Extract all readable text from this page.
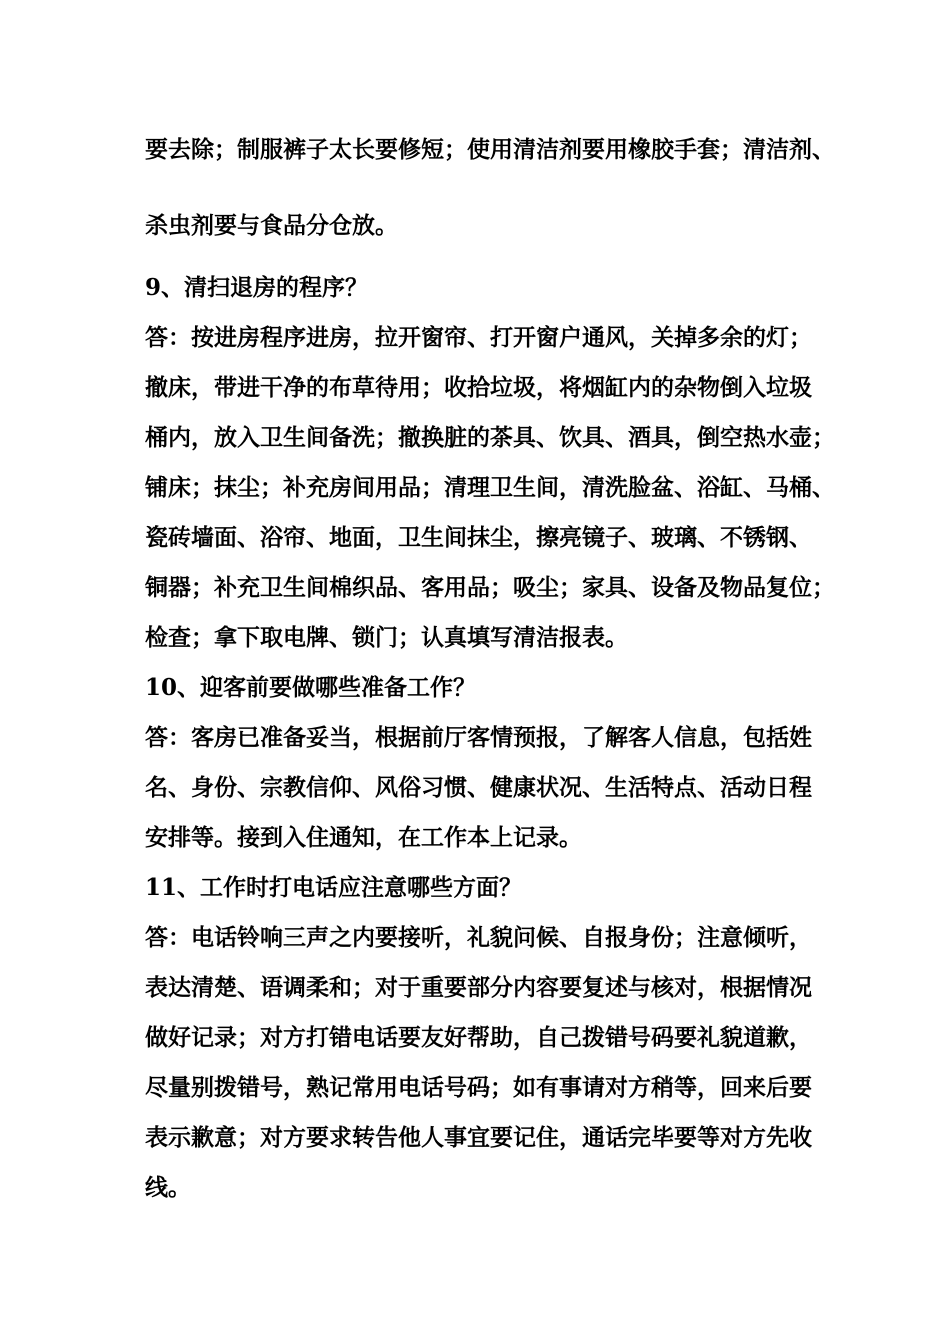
要去除；制服裤子太长要修短；使用清洁剂要用橡胶手套；清洁剂、
杀虫剂要与食品分仓放。
9、清扫退房的程序？
答：按进房程序进房，拉开窗帘、打开窗户通风，关掉多余的灯；
撤床，带进干净的布草待用；收拾垃圾，将烟缸内的杂物倒入垃圾
桶内，放入卫生间备洗；撤换脏的茶具、饮具、酒具，倒空热水壶；
铺床；抹尘；补充房间用品；清理卫生间，清洗脸盆、浴缸、马桶、
瓷砖墙面、浴帘、地面，卫生间抹尘，擦亮镜子、玻璃、不锈钢、
铜器；补充卫生间棉织品、客用品；吸尘；家具、设备及物品复位；
检查；拿下取电牌、锁门；认真填写清洁报表。
10、迎客前要做哪些准备工作？
答：客房已准备妥当，根据前厅客情预报，了解客人信息，包括姓
名、身份、宗教信仰、风俗习惯、健康状况、生活特点、活动日程
安排等。接到入住通知，在工作本上记录。
11、工作时打电话应注意哪些方面？
答：电话铃响三声之内要接听，礼貌问候、自报身份；注意倾听，
表达清楚、语调柔和；对于重要部分内容要复述与核对，根据情况
做好记录；对方打错电话要友好帮助，自己拨错号码要礼貌道歉，
尽量别拨错号，熟记常用电话号码；如有事请对方稍等，回来后要
表示歉意；对方要求转告他人事宜要记住，通话完毕要等对方先收
线。
